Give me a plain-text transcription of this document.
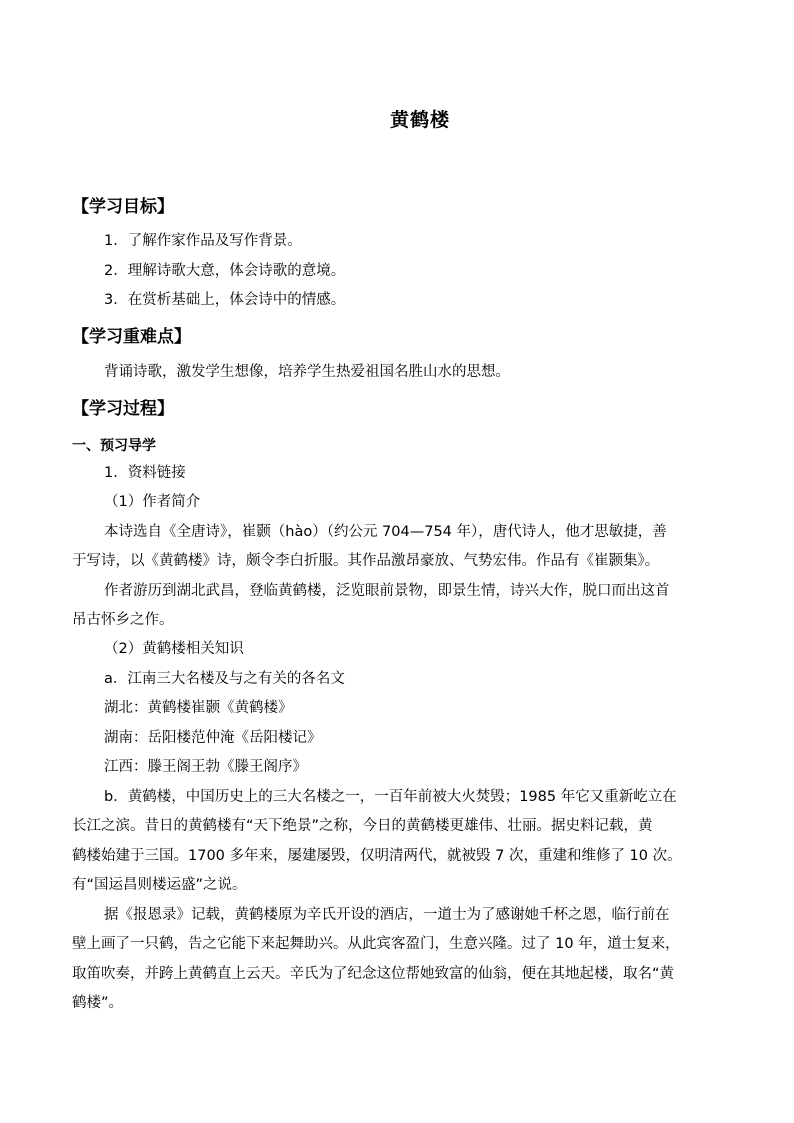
黄鹤楼
【学习目标】
1．了解作家作品及写作背景。
2．理解诗歌大意，体会诗歌的意境。
3．在赏析基础上，体会诗中的情感。
【学习重难点】
背诵诗歌，激发学生想像，培养学生热爱祖国名胜山水的思想。
【学习过程】
一、预习导学
1．资料链接
（1）作者简介
本诗选自《全唐诗》，崔颢（hào）（约公元 704—754 年），唐代诗人，他才思敏捷，善
于写诗，以《黄鹤楼》诗，颇令李白折服。其作品激昂豪放、气势宏伟。作品有《崔颢集》。
作者游历到湖北武昌，登临黄鹤楼，泛览眼前景物，即景生情，诗兴大作，脱口而出这首
吊古怀乡之作。
（2）黄鹤楼相关知识
a．江南三大名楼及与之有关的各名文
湖北：黄鹤楼崔颢《黄鹤楼》
湖南：岳阳楼范仲淹《岳阳楼记》
江西：滕王阁王勃《滕王阁序》
b．黄鹤楼，中国历史上的三大名楼之一，一百年前被大火焚毁；1985 年它又重新屹立在
长江之滨。昔日的黄鹤楼有“天下绝景”之称，今日的黄鹤楼更雄伟、壮丽。据史料记载，黄
鹤楼始建于三国。1700 多年来，屡建屡毁，仅明清两代，就被毁 7 次，重建和维修了 10 次。
有“国运昌则楼运盛”之说。
据《报恩录》记载，黄鹤楼原为辛氏开设的酒店，一道士为了感谢她千杯之恩，临行前在
壁上画了一只鹤，告之它能下来起舞助兴。从此宾客盈门，生意兴隆。过了 10 年，道士复来，
取笛吹奏，并跨上黄鹤直上云天。辛氏为了纪念这位帮她致富的仙翁，便在其地起楼，取名“黄
鹤楼”。
